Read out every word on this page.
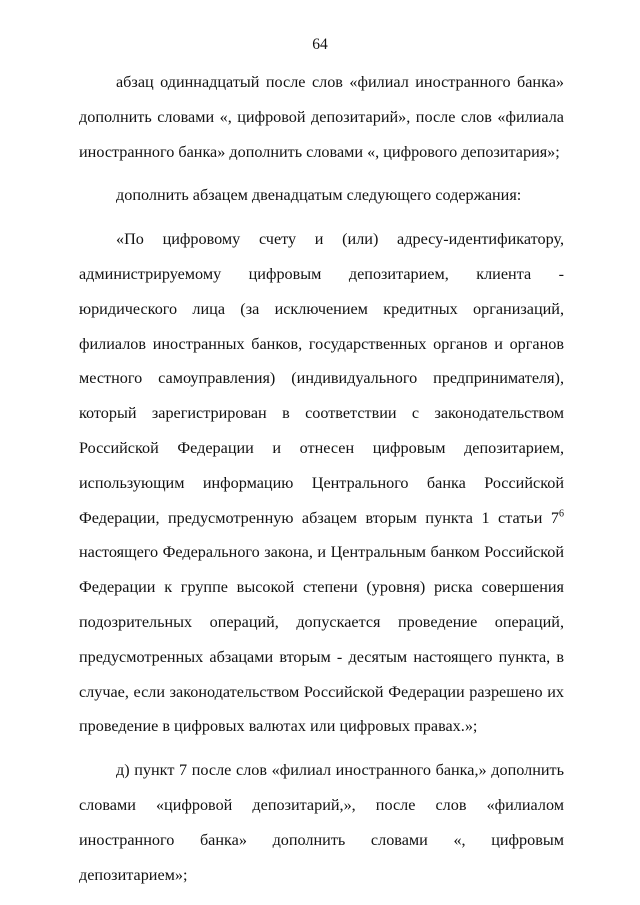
64

абзац одиннадцатый после слов «филиал иностранного банка» дополнить словами «, цифровой депозитарий», после слов «филиала иностранного банка» дополнить словами «, цифрового депозитария»;

дополнить абзацем двенадцатым следующего содержания:

«По цифровому счету и (или) адресу-идентификатору, администрируемому цифровым депозитарием, клиента - юридического лица (за исключением кредитных организаций, филиалов иностранных банков, государственных органов и органов местного самоуправления) (индивидуального предпринимателя), который зарегистрирован в соответствии с законодательством Российской Федерации и отнесен цифровым депозитарием, использующим информацию Центрального банка Российской Федерации, предусмотренную абзацем вторым пункта 1 статьи $7^6$ настоящего Федерального закона, и Центральным банком Российской Федерации к группе высокой степени (уровня) риска совершения подозрительных операций, допускается проведение операций, предусмотренных абзацами вторым - десятым настоящего пункта, в случае, если законодательством Российской Федерации разрешено их проведение в цифровых валютах или цифровых правах.»;

д) пункт 7 после слов «филиал иностранного банка,» дополнить словами «цифровой депозитарий,», после слов «филиалом иностранного банка» дополнить словами «, цифровым депозитарием»;
